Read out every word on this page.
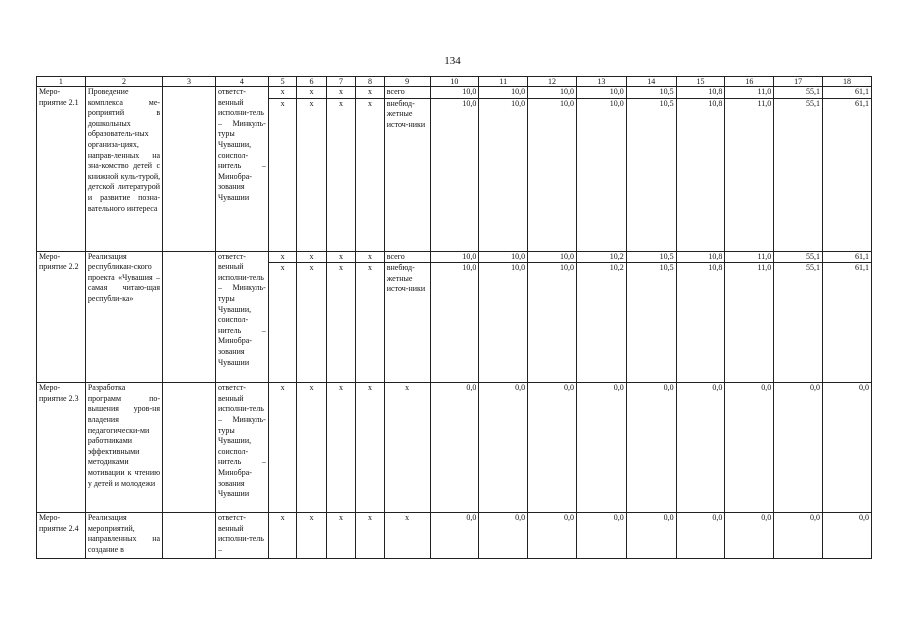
134
1	2	3	4	5	6	7	8	9	10	11	12	13	14	15	16	17	18
Меро-приятие 2.1	Проведение комплекса ме-роприятий в дошкольных образователь-ных организа-циях, направ-ленных на зна-комство детей с книжной куль-турой, детской литературой и развитие позна-вательного интереса		ответст-венный исполни-тель – Минкуль-туры Чувашии, соиспол-нитель – Минобра-зования Чувашии	x	x	x	x	всего	10,0	10,0	10,0	10,0	10,5	10,8	11,0	55,1	61,1
				x	x	x	x	внебюд-жетные источ-ники	10,0	10,0	10,0	10,0	10,5	10,8	11,0	55,1	61,1
Меро-приятие 2.2	Реализация республикан-ского проекта «Чувашия – самая читаю-щая республи-ка»		ответст-венный исполни-тель – Минкуль-туры Чувашии, соиспол-нитель – Минобра-зования Чувашии	x	x	x	x	всего	10,0	10,0	10,0	10,2	10,5	10,8	11,0	55,1	61,1
				x	x	x	x	внебюд-жетные источ-ники	10,0	10,0	10,0	10,2	10,5	10,8	11,0	55,1	61,1
Меро-приятие 2.3	Разработка программ по-вышения уров-ня владения педагогически-ми работниками эффективными методиками мотивации к чтению у детей и молодежи		ответст-венный исполни-тель – Минкуль-туры Чувашии, соиспол-нитель – Минобра-зования Чувашии	x	x	x	x	x	0,0	0,0	0,0	0,0	0,0	0,0	0,0	0,0	0,0
Меро-приятие 2.4	Реализация мероприятий, направленных на создание в		ответст-венный исполни-тель –	x	x	x	x	x	0,0	0,0	0,0	0,0	0,0	0,0	0,0	0,0	0,0
